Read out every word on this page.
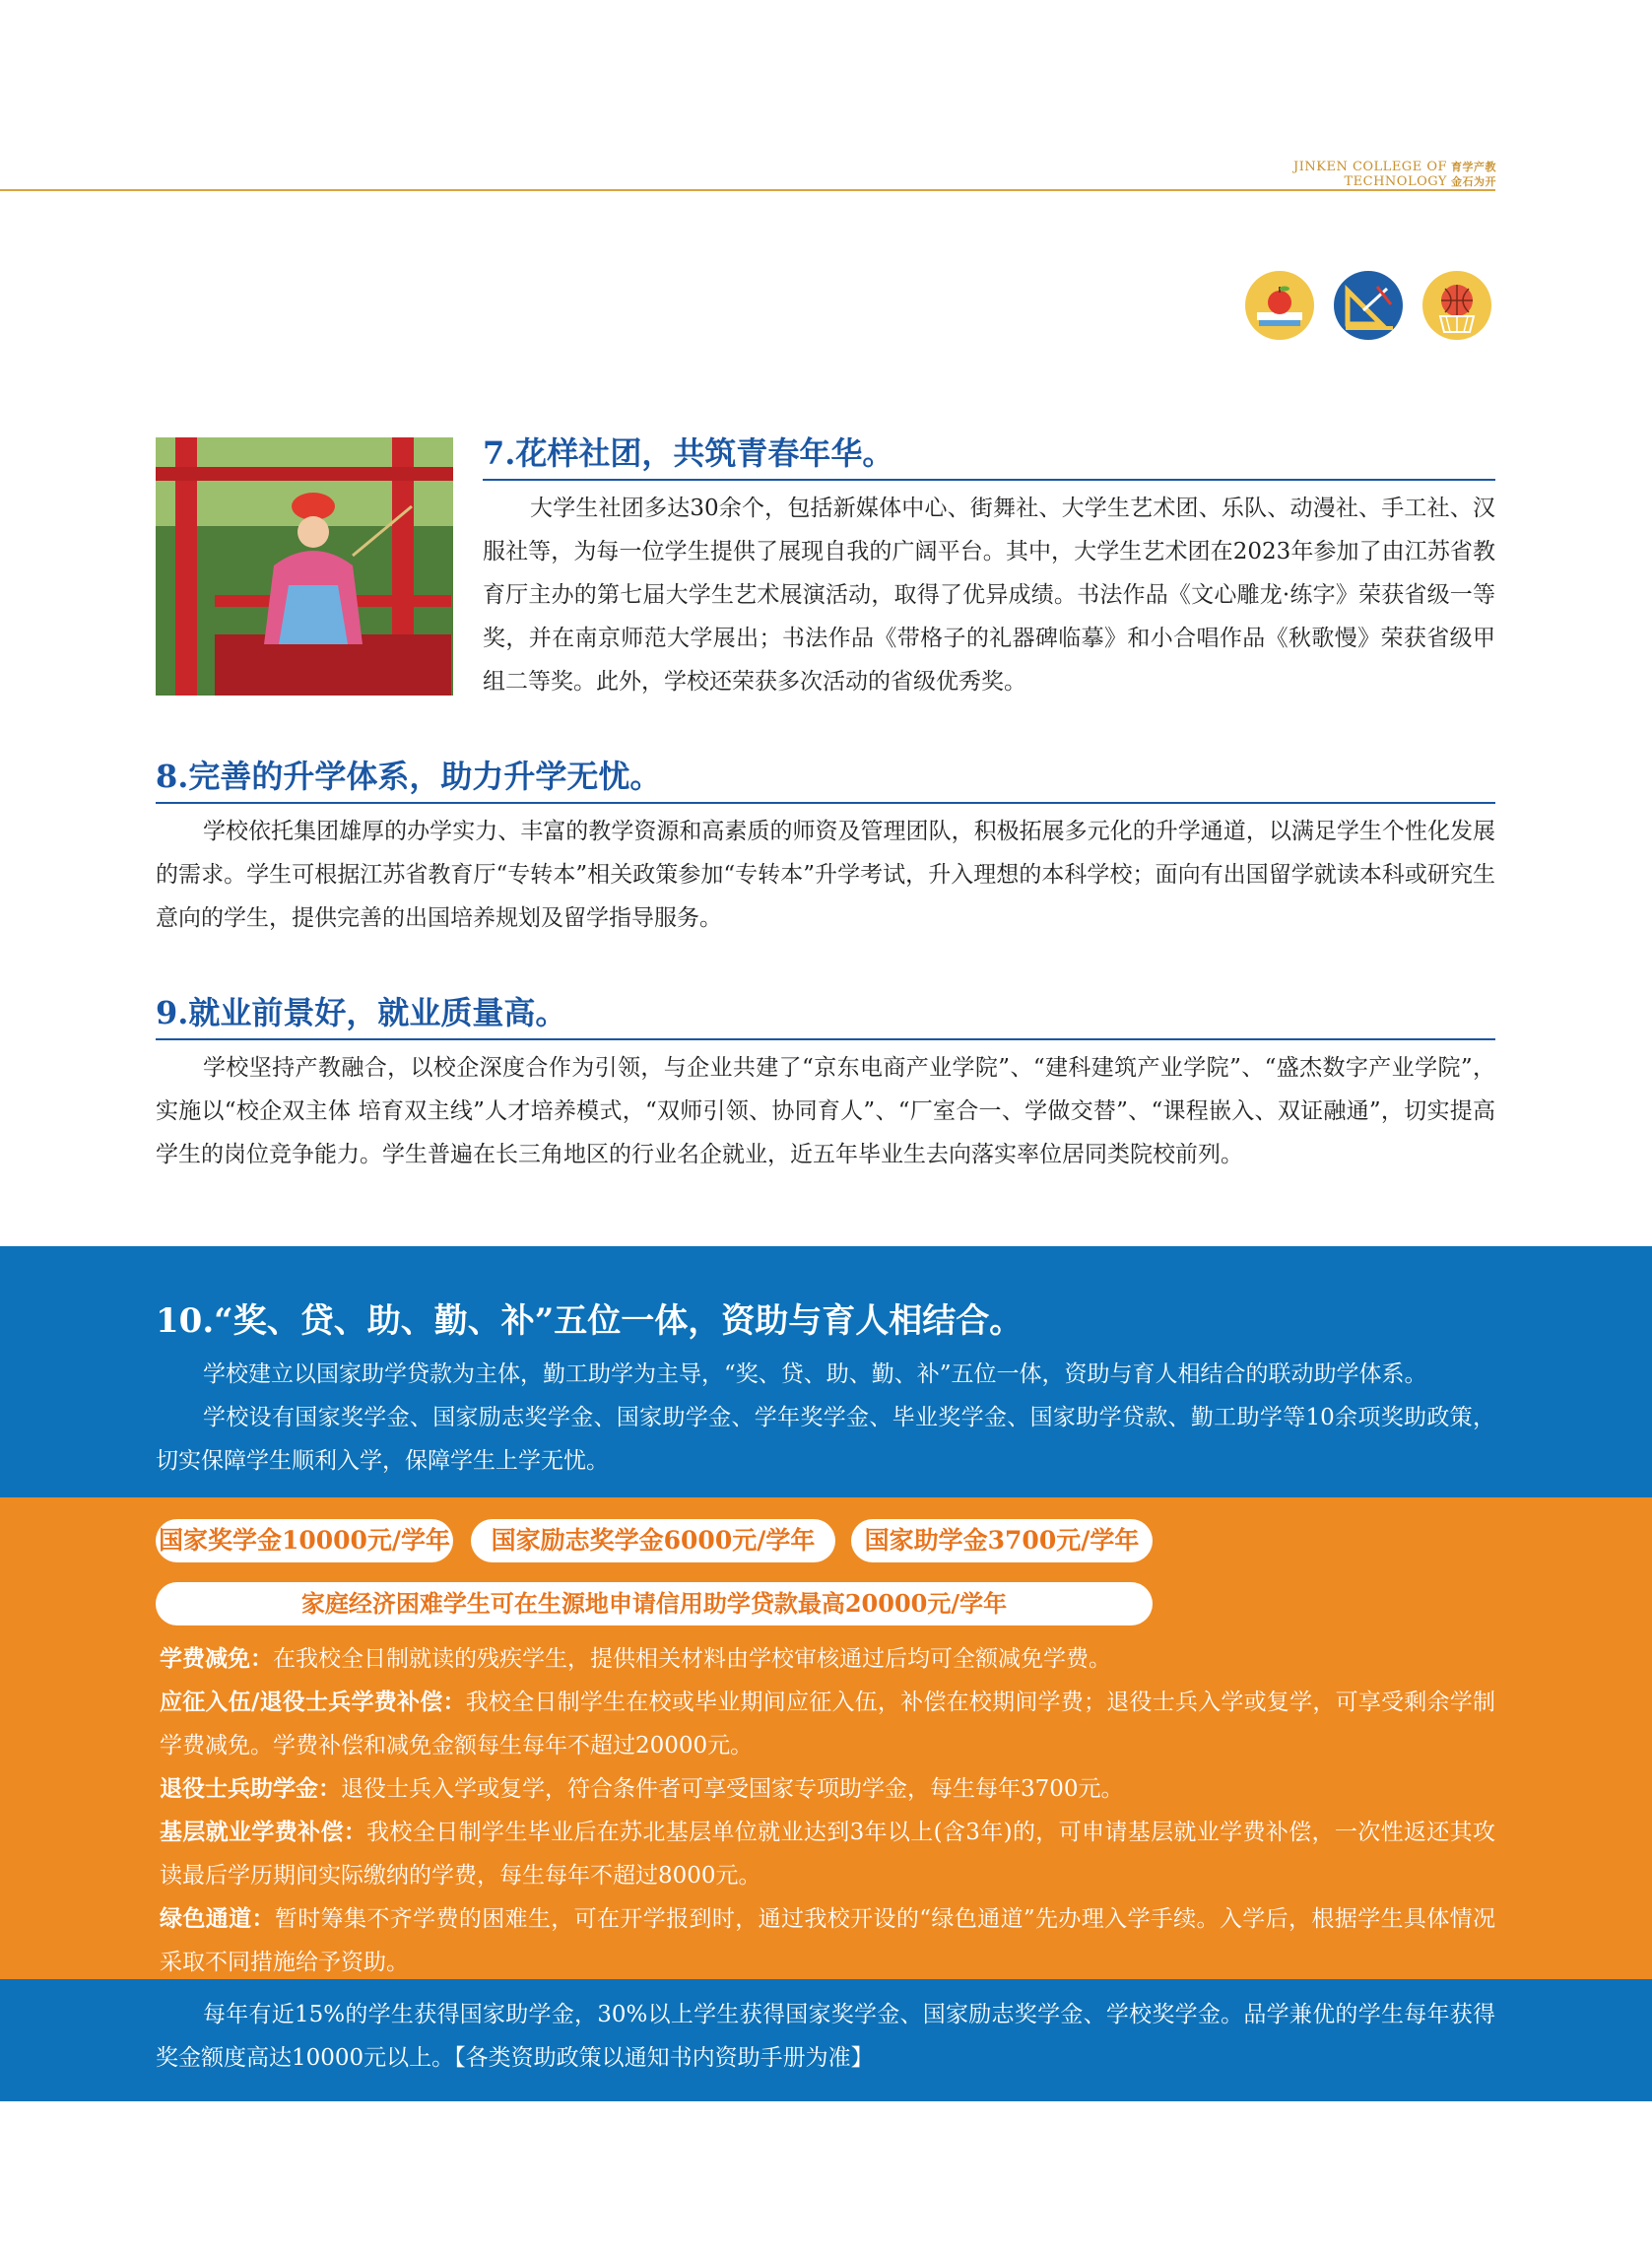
JINKEN COLLEGE OF 育学产教
TECHNOLOGY 金石为开
7.花样社团，共筑青春年华。

大学生社团多达30余个，包括新媒体中心、街舞社、大学生艺术团、乐队、动漫社、手工社、汉服社等，为每一位学生提供了展现自我的广阔平台。其中，大学生艺术团在2023年参加了由江苏省教育厅主办的第七届大学生艺术展演活动，取得了优异成绩。书法作品《文心雕龙·练字》荣获省级一等奖，并在南京师范大学展出；书法作品《带格子的礼器碑临摹》和小合唱作品《秋歌慢》荣获省级甲组二等奖。此外，学校还荣获多次活动的省级优秀奖。

8.完善的升学体系，助力升学无忧。

学校依托集团雄厚的办学实力、丰富的教学资源和高素质的师资及管理团队，积极拓展多元化的升学通道，以满足学生个性化发展的需求。学生可根据江苏省教育厅“专转本”相关政策参加“专转本”升学考试，升入理想的本科学校；面向有出国留学就读本科或研究生意向的学生，提供完善的出国培养规划及留学指导服务。

9.就业前景好，就业质量高。

学校坚持产教融合，以校企深度合作为引领，与企业共建了“京东电商产业学院”、“建科建筑产业学院”、“盛杰数字产业学院”，实施以“校企双主体 培育双主线”人才培养模式，“双师引领、协同育人”、“厂室合一、学做交替”、“课程嵌入、双证融通”，切实提高学生的岗位竞争能力。学生普遍在长三角地区的行业名企就业，近五年毕业生去向落实率位居同类院校前列。

10.“奖、贷、助、勤、补”五位一体，资助与育人相结合。

学校建立以国家助学贷款为主体，勤工助学为主导，“奖、贷、助、勤、补”五位一体，资助与育人相结合的联动助学体系。

学校设有国家奖学金、国家励志奖学金、国家助学金、学年奖学金、毕业奖学金、国家助学贷款、勤工助学等10余项奖助政策，切实保障学生顺利入学，保障学生上学无忧。

国家奖学金10000元/学年	国家励志奖学金6000元/学年	国家助学金3700元/学年
家庭经济困难学生可在生源地申请信用助学贷款最高20000元/学年

学费减免：在我校全日制就读的残疾学生，提供相关材料由学校审核通过后均可全额减免学费。

应征入伍/退役士兵学费补偿：我校全日制学生在校或毕业期间应征入伍，补偿在校期间学费；退役士兵入学或复学，可享受剩余学制学费减免。学费补偿和减免金额每生每年不超过20000元。

退役士兵助学金：退役士兵入学或复学，符合条件者可享受国家专项助学金，每生每年3700元。

基层就业学费补偿：我校全日制学生毕业后在苏北基层单位就业达到3年以上(含3年)的，可申请基层就业学费补偿，一次性返还其攻读最后学历期间实际缴纳的学费，每生每年不超过8000元。

绿色通道：暂时筹集不齐学费的困难生，可在开学报到时，通过我校开设的“绿色通道”先办理入学手续。入学后，根据学生具体情况采取不同措施给予资助。

每年有近15%的学生获得国家助学金，30%以上学生获得国家奖学金、国家励志奖学金、学校奖学金。品学兼优的学生每年获得奖金额度高达10000元以上。【各类资助政策以通知书内资助手册为准】
